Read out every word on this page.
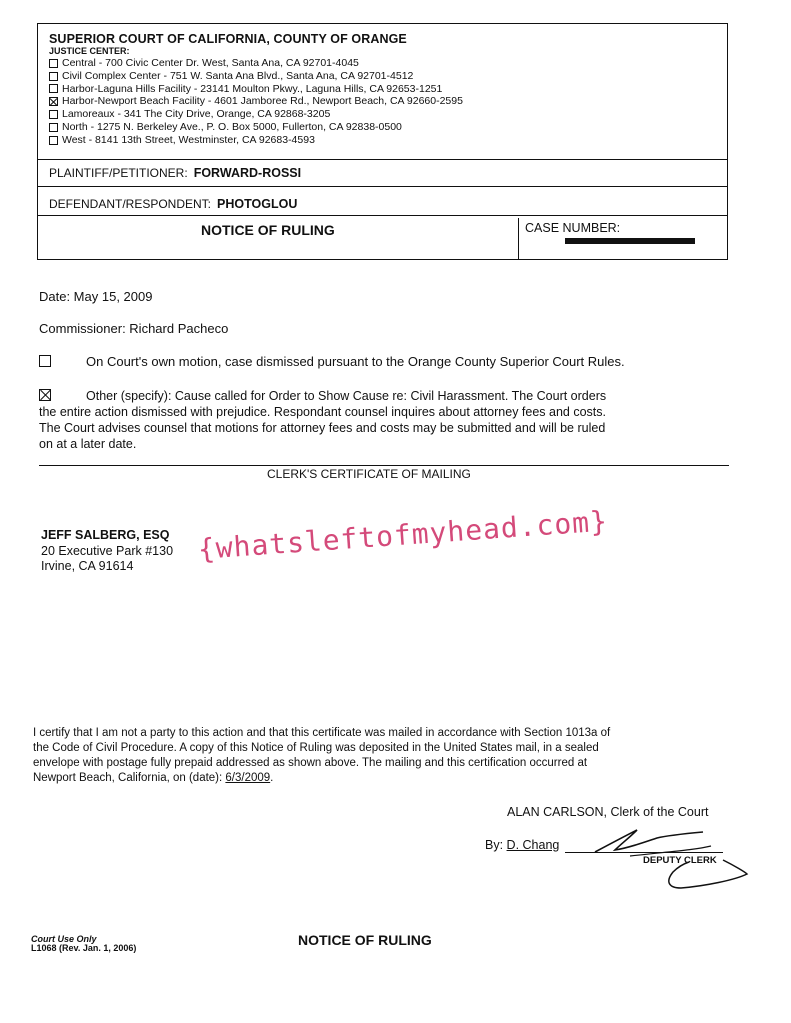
SUPERIOR COURT OF CALIFORNIA, COUNTY OF ORANGE
JUSTICE CENTER:
Central - 700 Civic Center Dr. West, Santa Ana, CA 92701-4045
Civil Complex Center - 751 W. Santa Ana Blvd., Santa Ana, CA 92701-4512
Harbor-Laguna Hills Facility - 23141 Moulton Pkwy., Laguna Hills, CA 92653-1251
Harbor-Newport Beach Facility - 4601 Jamboree Rd., Newport Beach, CA 92660-2595
Lamoreaux - 341 The City Drive, Orange, CA 92868-3205
North - 1275 N. Berkeley Ave., P. O. Box 5000, Fullerton, CA 92838-0500
West - 8141 13th Street, Westminster, CA 92683-4593
PLAINTIFF/PETITIONER: FORWARD-ROSSI
DEFENDANT/RESPONDENT: PHOTOGLOU
NOTICE OF RULING	CASE NUMBER:
Date: May 15, 2009
Commissioner: Richard Pacheco
On Court's own motion, case dismissed pursuant to the Orange County Superior Court Rules.
Other (specify): Cause called for Order to Show Cause re: Civil Harassment. The Court orders
the entire action dismissed with prejudice. Respondant counsel inquires about attorney fees and costs.
The Court advises counsel that motions for attorney fees and costs may be submitted and will be ruled
on at a later date.
CLERK'S CERTIFICATE OF MAILING
JEFF SALBERG, ESQ
20 Executive Park #130
Irvine, CA 91614
{whatsleftofmyhead.com}
I certify that I am not a party to this action and that this certificate was mailed in accordance with Section 1013a of
the Code of Civil Procedure. A copy of this Notice of Ruling was deposited in the United States mail, in a sealed
envelope with postage fully prepaid addressed as shown above. The mailing and this certification occurred at
Newport Beach, California, on (date): 6/3/2009.
ALAN CARLSON, Clerk of the Court
By: D. Chang
DEPUTY CLERK
Court Use Only
L1068 (Rev. Jan. 1, 2006)	NOTICE OF RULING
